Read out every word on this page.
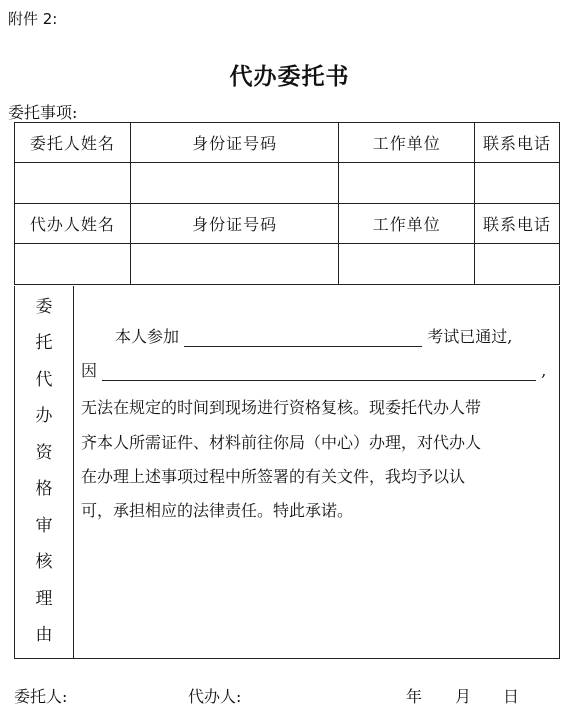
附件 2:
代办委托书
委托事项:
委托人姓名	身份证号码	工作单位	联系电话

代办人姓名	身份证号码	工作单位	联系电话

委
托
代
办
资
格
审
核
理
由
本人参加	考试已通过,
因	,
无法在规定的时间到现场进行资格复核。现委托代办人带
齐本人所需证件、材料前往你局（中心）办理，对代办人
在办理上述事项过程中所签署的有关文件，我均予以认
可，承担相应的法律责任。特此承诺。
委托人:	代办人:	年 月 日
